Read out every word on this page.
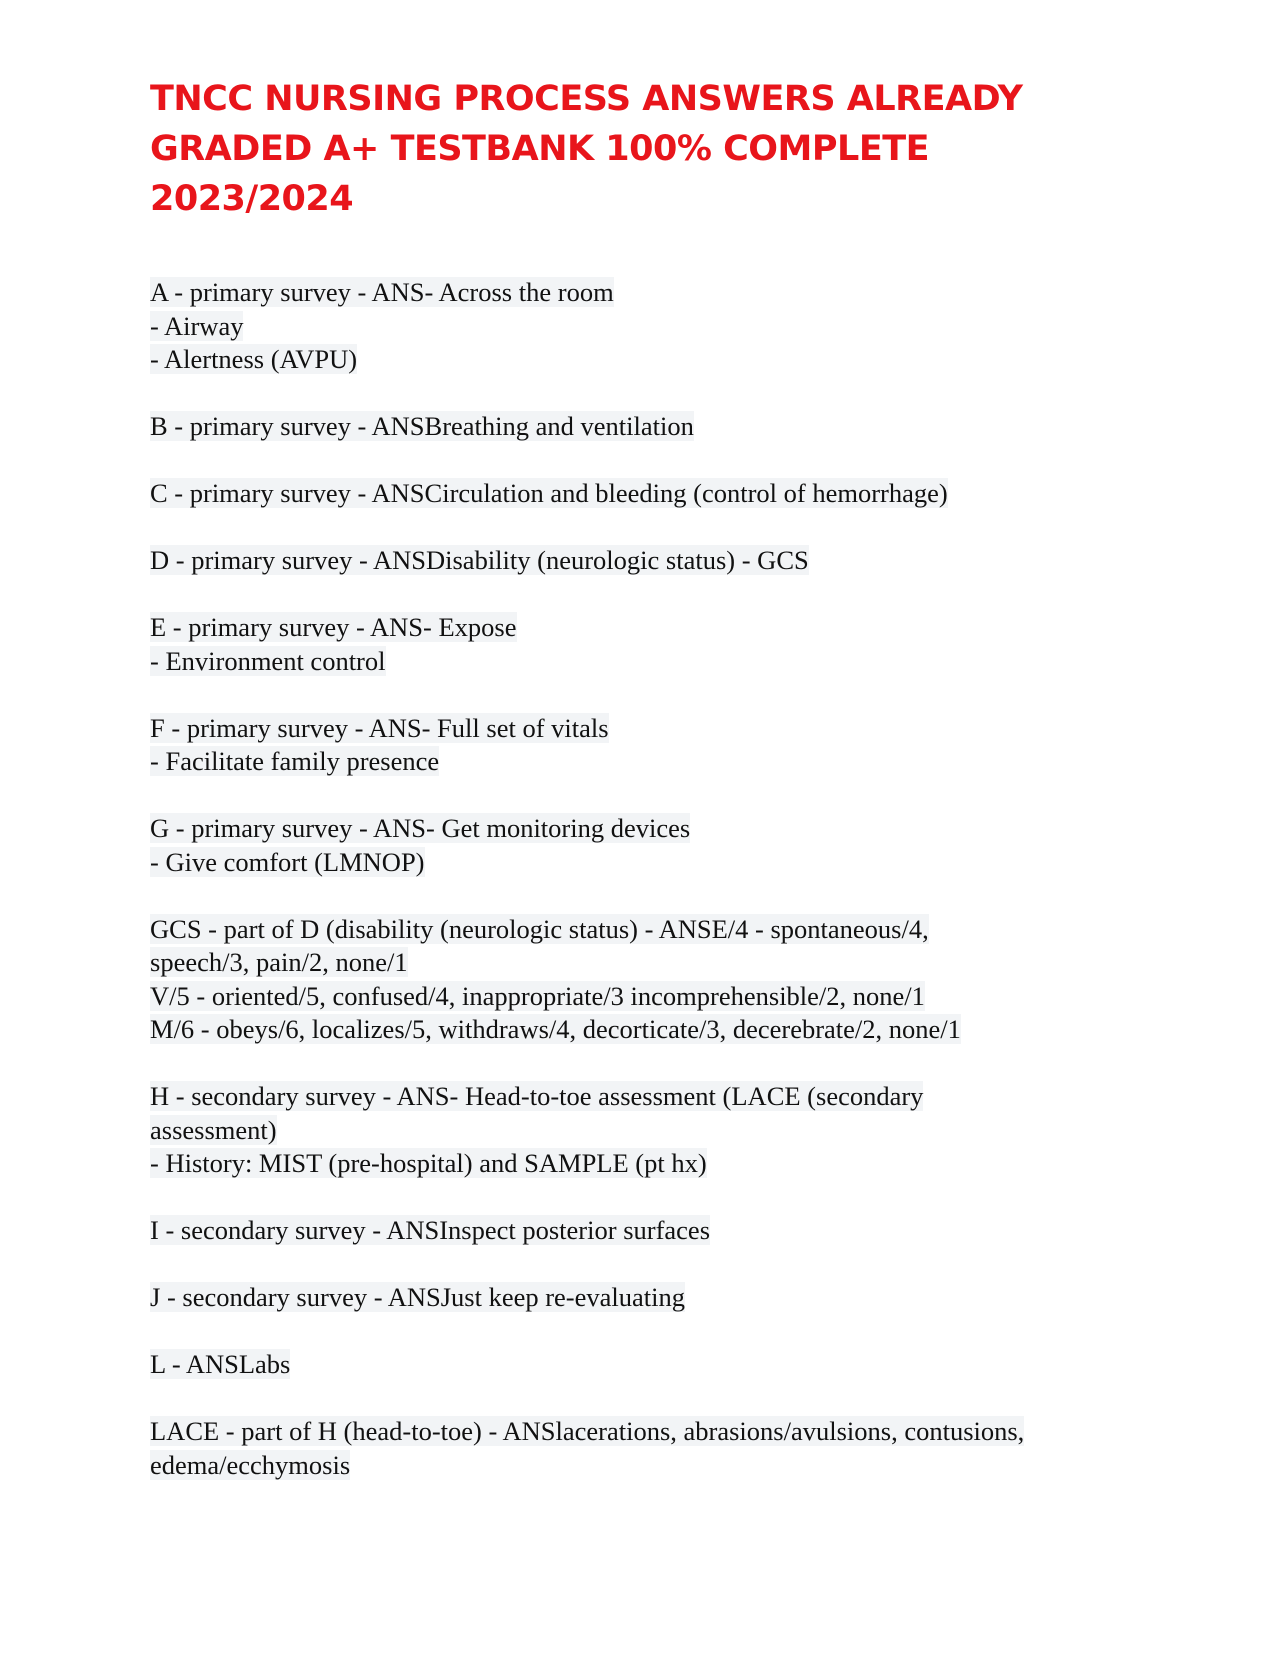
TNCC NURSING PROCESS ANSWERS ALREADY
GRADED A+ TESTBANK 100% COMPLETE
2023/2024
A - primary survey - ANS- Across the room
- Airway
- Alertness (AVPU)
B - primary survey - ANSBreathing and ventilation
C - primary survey - ANSCirculation and bleeding (control of hemorrhage)
D - primary survey - ANSDisability (neurologic status) - GCS
E - primary survey - ANS- Expose
- Environment control
F - primary survey - ANS- Full set of vitals
- Facilitate family presence
G - primary survey - ANS- Get monitoring devices
- Give comfort (LMNOP)
GCS - part of D (disability (neurologic status) - ANSE/4 - spontaneous/4,
speech/3, pain/2, none/1
V/5 - oriented/5, confused/4, inappropriate/3 incomprehensible/2, none/1
M/6 - obeys/6, localizes/5, withdraws/4, decorticate/3, decerebrate/2, none/1
H - secondary survey - ANS- Head-to-toe assessment (LACE (secondary
assessment)
- History: MIST (pre-hospital) and SAMPLE (pt hx)
I - secondary survey - ANSInspect posterior surfaces
J - secondary survey - ANSJust keep re-evaluating
L - ANSLabs
LACE - part of H (head-to-toe) - ANSlacerations, abrasions/avulsions, contusions,
edema/ecchymosis
